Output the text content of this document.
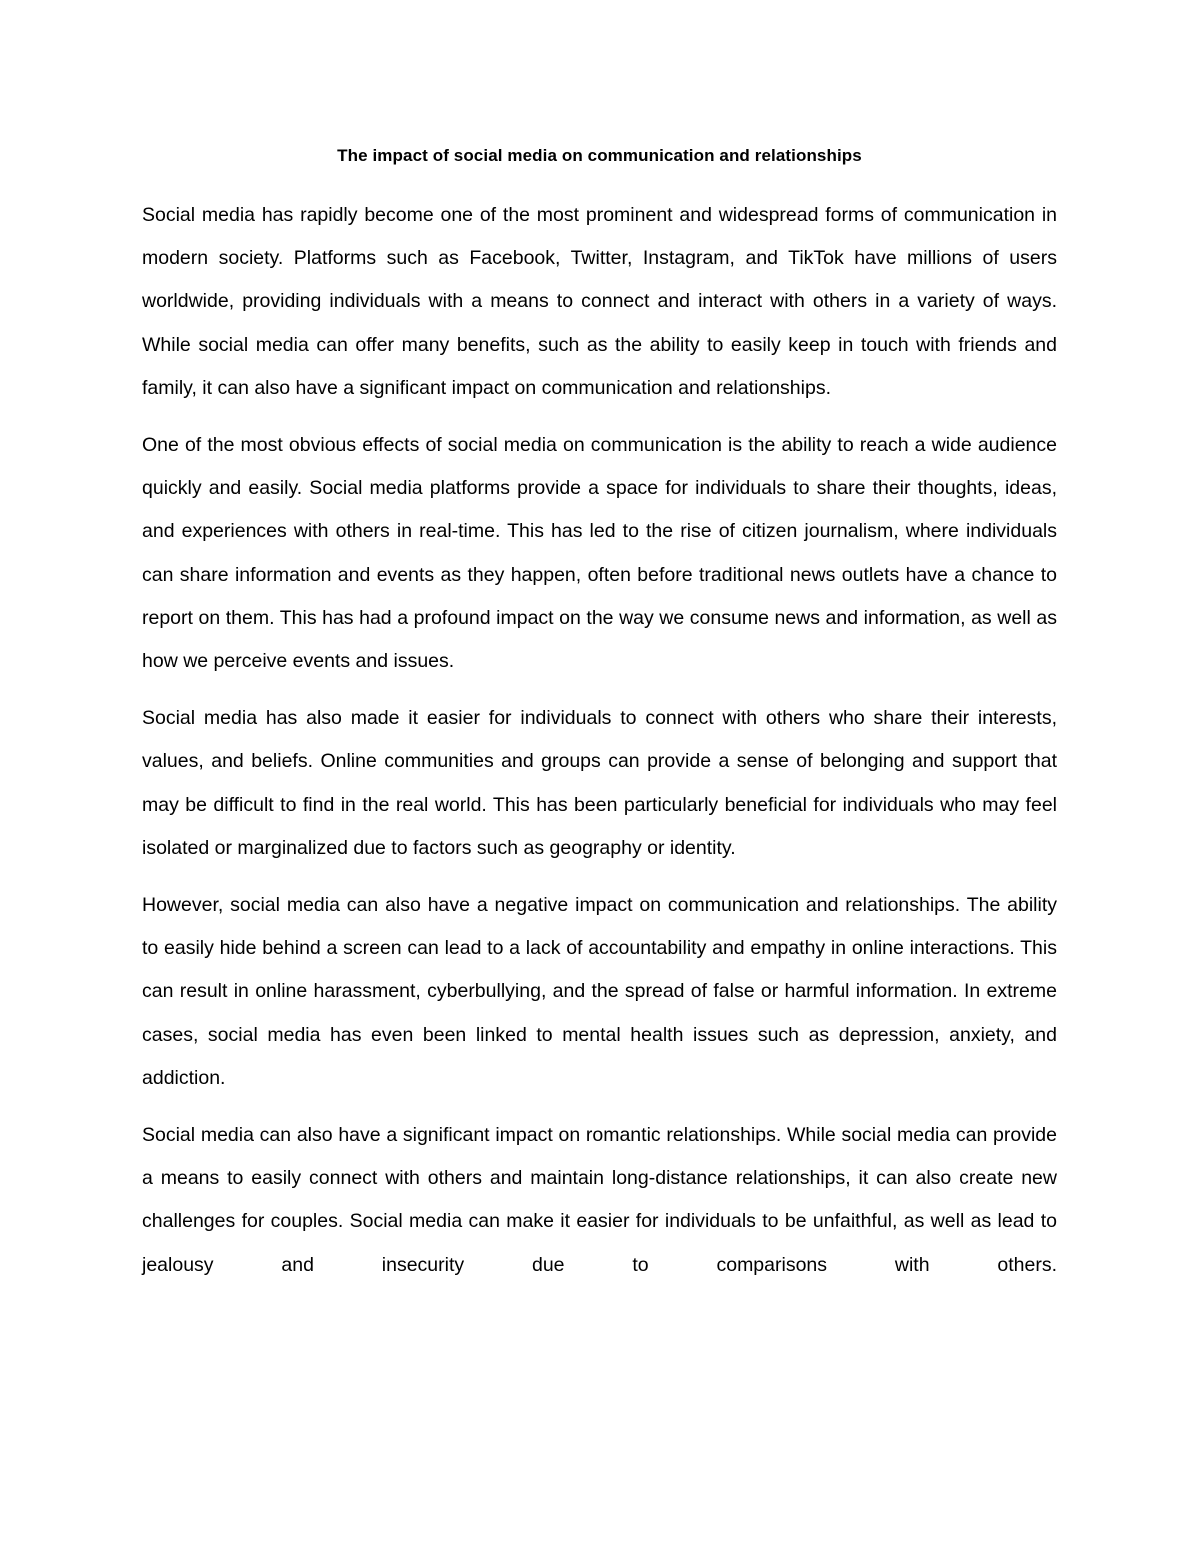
The impact of social media on communication and relationships

Social media has rapidly become one of the most prominent and widespread forms of communication in modern society. Platforms such as Facebook, Twitter, Instagram, and TikTok have millions of users worldwide, providing individuals with a means to connect and interact with others in a variety of ways. While social media can offer many benefits, such as the ability to easily keep in touch with friends and family, it can also have a significant impact on communication and relationships.

One of the most obvious effects of social media on communication is the ability to reach a wide audience quickly and easily. Social media platforms provide a space for individuals to share their thoughts, ideas, and experiences with others in real-time. This has led to the rise of citizen journalism, where individuals can share information and events as they happen, often before traditional news outlets have a chance to report on them. This has had a profound impact on the way we consume news and information, as well as how we perceive events and issues.

Social media has also made it easier for individuals to connect with others who share their interests, values, and beliefs. Online communities and groups can provide a sense of belonging and support that may be difficult to find in the real world. This has been particularly beneficial for individuals who may feel isolated or marginalized due to factors such as geography or identity.

However, social media can also have a negative impact on communication and relationships. The ability to easily hide behind a screen can lead to a lack of accountability and empathy in online interactions. This can result in online harassment, cyberbullying, and the spread of false or harmful information. In extreme cases, social media has even been linked to mental health issues such as depression, anxiety, and addiction.

Social media can also have a significant impact on romantic relationships. While social media can provide a means to easily connect with others and maintain long-distance relationships, it can also create new challenges for couples. Social media can make it easier for individuals to be unfaithful, as well as lead to jealousy and insecurity due to comparisons with others.
